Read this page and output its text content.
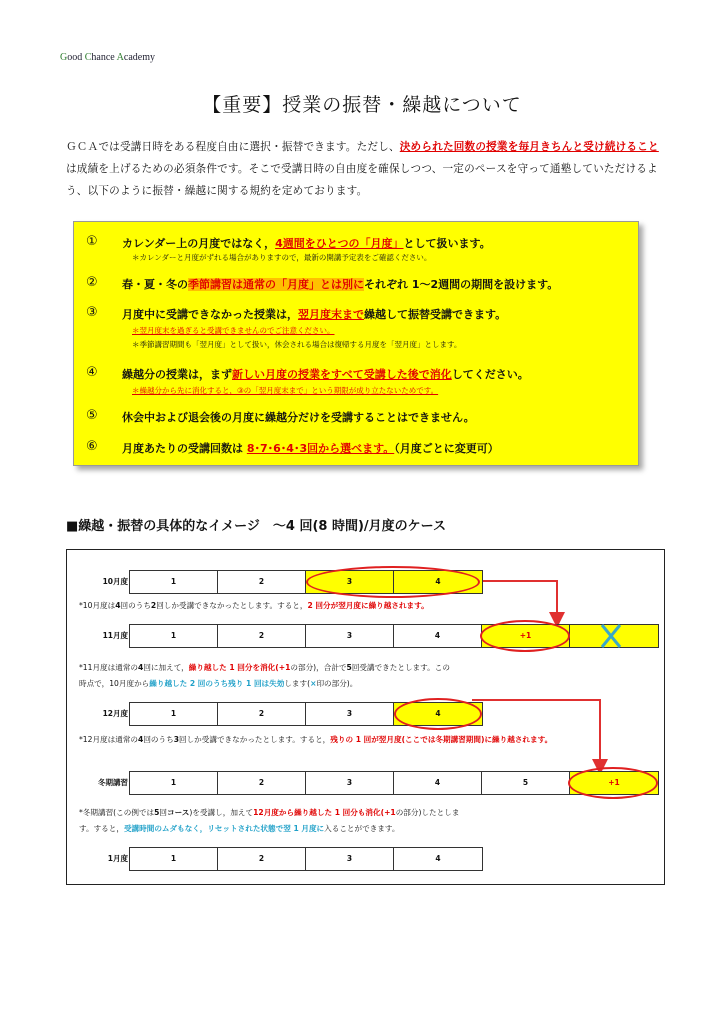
Good Chance Academy
【重要】授業の振替・繰越について
ＧＣＡでは受講日時をある程度自由に選択・振替できます。ただし、決められた回数の授業を毎月きちんと受け続けることは成績を上げるための必須条件です。そこで受講日時の自由度を確保しつつ、一定のペースを守って通塾していただけるよう、以下のように振替・繰越に関する規約を定めております。
① カレンダー上の月度ではなく，4週間をひとつの「月度」として扱います。
＊カレンダーと月度がずれる場合がありますので，最新の開講予定表をご確認ください。
② 春・夏・冬の季節講習は通常の「月度」とは別にそれぞれ 1～2週間の期間を設けます。
③ 月度中に受講できなかった授業は，翌月度末まで繰越して振替受講できます。
＊翌月度末を過ぎると受講できませんのでご注意ください。
＊季節講習期間も「翌月度」として扱い，休会される場合は復帰する月度を「翌月度」とします。
④ 繰越分の授業は，まず新しい月度の授業をすべて受講した後で消化してください。
＊繰越分から先に消化すると，③の「翌月度末まで」という期限が成り立たないためです。
⑤ 休会中および退会後の月度に繰越分だけを受講することはできません。
⑥ 月度あたりの受講回数は 8･7･6･4･3回から選べます。（月度ごとに変更可）
■繰越・振替の具体的なイメージ　～4 回(8 時間)/月度のケース
10月度	1	2	3	4
*10月度は4回のうち2回しか受講できなかったとします。すると，2 回分が翌月度に繰り越されます。
11月度	1	2	3	4	+1
*11月度は通常の4回に加えて，繰り越した 1 回分を消化(+1の部分)，合計で5回受講できたとします。この
時点で，10月度から繰り越した 2 回のうち残り 1 回は失効します(×印の部分)。
12月度	1	2	3	4
*12月度は通常の4回のうち3回しか受講できなかったとします。すると，残りの 1 回が翌月度(ここでは冬期講習期間)に繰り越されます。
冬期講習	1	2	3	4	5	+1
*冬期講習(この例では5回コース)を受講し，加えて12月度から繰り越した 1 回分も消化(+1の部分)したとしま
す。すると，受講時間のムダもなく，リセットされた状態で翌 1 月度に入ることができます。
1月度	1	2	3	4
